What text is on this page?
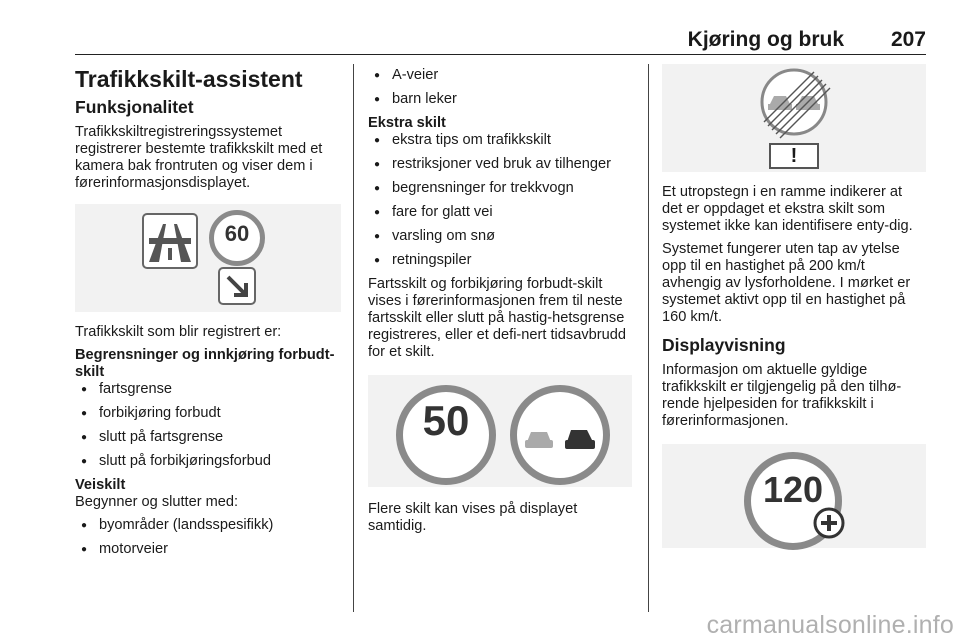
Kjøring og bruk 207
Trafikkskilt-assistent
Funksjonalitet

Trafikkskiltregistreringssystemet registrerer bestemte trafikkskilt med et kamera bak frontruten og viser dem i førerinformasjonsdisplayet.

60

Trafikkskilt som blir registrert er:

Begrensninger og innkjøring forbudt-skilt

● fartsgrense
● forbikjøring forbudt
● slutt på fartsgrense
● slutt på forbikjøringsforbud

Veiskilt

Begynner og slutter med:

● byområder (landsspesifikk)
● motorveier
● A-veier
● barn leker

Ekstra skilt

● ekstra tips om trafikkskilt
● restriksjoner ved bruk av tilhenger
● begrensninger for trekkvogn
● fare for glatt vei
● varsling om snø
● retningspiler

Fartsskilt og forbikjøring forbudt-skilt vises i førerinformasjonen frem til neste fartsskilt eller slutt på hastig-hetsgrense registreres, eller et defi-nert tidsavbrudd for et skilt.

50

Flere skilt kan vises på displayet samtidig.

!

Et utropstegn i en ramme indikerer at det er oppdaget et ekstra skilt som systemet ikke kan identifisere enty-dig.

Systemet fungerer uten tap av ytelse opp til en hastighet på 200 km/t avhengig av lysforholdene. I mørket er systemet aktivt opp til en hastighet på 160 km/t.

Displayvisning

Informasjon om aktuelle gyldige trafikkskilt er tilgjengelig på den tilhø-rende hjelpesiden for trafikkskilt i førerinformasjonen.

120
carmanualsonline.info
